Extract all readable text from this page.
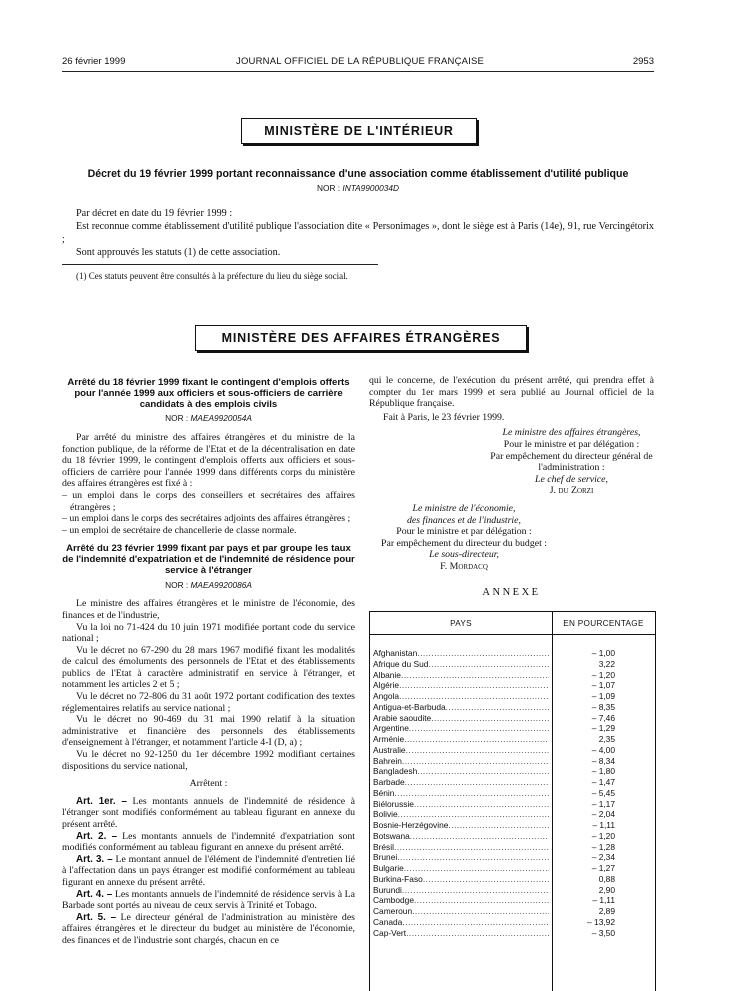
26 février 1999	JOURNAL OFFICIEL DE LA RÉPUBLIQUE FRANÇAISE	2953
MINISTÈRE DE L'INTÉRIEUR
Décret du 19 février 1999 portant reconnaissance d'une association comme établissement d'utilité publique
NOR : INTA9900034D

Par décret en date du 19 février 1999 :

Est reconnue comme établissement d'utilité publique l'association dite « Personimages », dont le siège est à Paris (14e), 91, rue Vercingétorix ;

Sont approuvés les statuts (1) de cette association.

(1) Ces statuts peuvent être consultés à la préfecture du lieu du siège social.
MINISTÈRE DES AFFAIRES ÉTRANGÈRES

Arrêté du 18 février 1999 fixant le contingent d'emplois offerts pour l'année 1999 aux officiers et sous-officiers de carrière candidats à des emplois civils

NOR : MAEA9920054A

Par arrêté du ministre des affaires étrangères et du ministre de la fonction publique, de la réforme de l'Etat et de la décentralisation en date du 18 février 1999, le contingent d'emplois offerts aux officiers et sous-officiers de carrière pour l'année 1999 dans différents corps du ministère des affaires étrangères est fixé à :

– un emploi dans le corps des conseillers et secrétaires des affaires étrangères ;

– un emploi dans le corps des secrétaires adjoints des affaires étrangères ;

– un emploi de secrétaire de chancellerie de classe normale.

Arrêté du 23 février 1999 fixant par pays et par groupe les taux de l'indemnité d'expatriation et de l'indemnité de résidence pour service à l'étranger

NOR : MAEA9920086A

Le ministre des affaires étrangères et le ministre de l'économie, des finances et de l'industrie,

Vu la loi no 71-424 du 10 juin 1971 modifiée portant code du service national ;

Vu le décret no 67-290 du 28 mars 1967 modifié fixant les modalités de calcul des émoluments des personnels de l'Etat et des établissements publics de l'Etat à caractère administratif en service à l'étranger, et notamment les articles 2 et 5 ;

Vu le décret no 72-806 du 31 août 1972 portant codification des textes réglementaires relatifs au service national ;

Vu le décret no 90-469 du 31 mai 1990 relatif à la situation administrative et financière des personnels des établissements d'enseignement à l'étranger, et notamment l'article 4-I (D, a) ;

Vu le décret no 92-1250 du 1er décembre 1992 modifiant certaines dispositions du service national,

Arrêtent :

Art. 1er. – Les montants annuels de l'indemnité de résidence à l'étranger sont modifiés conformément au tableau figurant en annexe du présent arrêté.

Art. 2. – Les montants annuels de l'indemnité d'expatriation sont modifiés conformément au tableau figurant en annexe du présent arrêté.

Art. 3. – Le montant annuel de l'élément de l'indemnité d'entretien lié à l'affectation dans un pays étranger est modifié conformément au tableau figurant en annexe du présent arrêté.

Art. 4. – Les montants annuels de l'indemnité de résidence servis à La Barbade sont portés au niveau de ceux servis à Trinité et Tobago.

Art. 5. – Le directeur général de l'administration au ministère des affaires étrangères et le directeur du budget au ministère de l'économie, des finances et de l'industrie sont chargés, chacun en ce

qui le concerne, de l'exécution du présent arrêté, qui prendra effet à compter du 1er mars 1999 et sera publié au Journal officiel de la République française.

Fait à Paris, le 23 février 1999.

Le ministre des affaires étrangères,

Pour le ministre et par délégation :

Par empêchement du directeur général de l'administration :

Le chef de service,

J. du Zorzi

Le ministre de l'économie,

des finances et de l'industrie,

Pour le ministre et par délégation :

Par empêchement du directeur du budget :

Le sous-directeur,

F. Mordacq

ANNEXE
PAYS	EN POURCENTAGE
Afghanistan .....	– 1,00
Afrique du Sud .....	3,22
Albanie .....	– 1,20
Algérie .....	– 1,07
Angola .....	– 1,09
Antigua-et-Barbuda .....	– 8,35
Arabie saoudite .....	– 7,46
Argentine .....	– 1,29
Arménie .....	2,35
Australie .....	– 4,00
Bahrein .....	– 8,34
Bangladesh .....	– 1,80
Barbade .....	– 1,47
Bénin .....	– 5,45
Biélorussie .....	– 1,17
Bolivie .....	– 2,04
Bosnie-Herzégovine .....	– 1,11
Botswana .....	– 1,20
Brésil .....	– 1,28
Brunei .....	– 2,34
Bulgarie .....	– 1,27
Burkina-Faso .....	0,88
Burundi .....	2,90
Cambodge .....	– 1,11
Cameroun .....	2,89
Canada .....	– 13,92
Cap-Vert .....	– 3,50
